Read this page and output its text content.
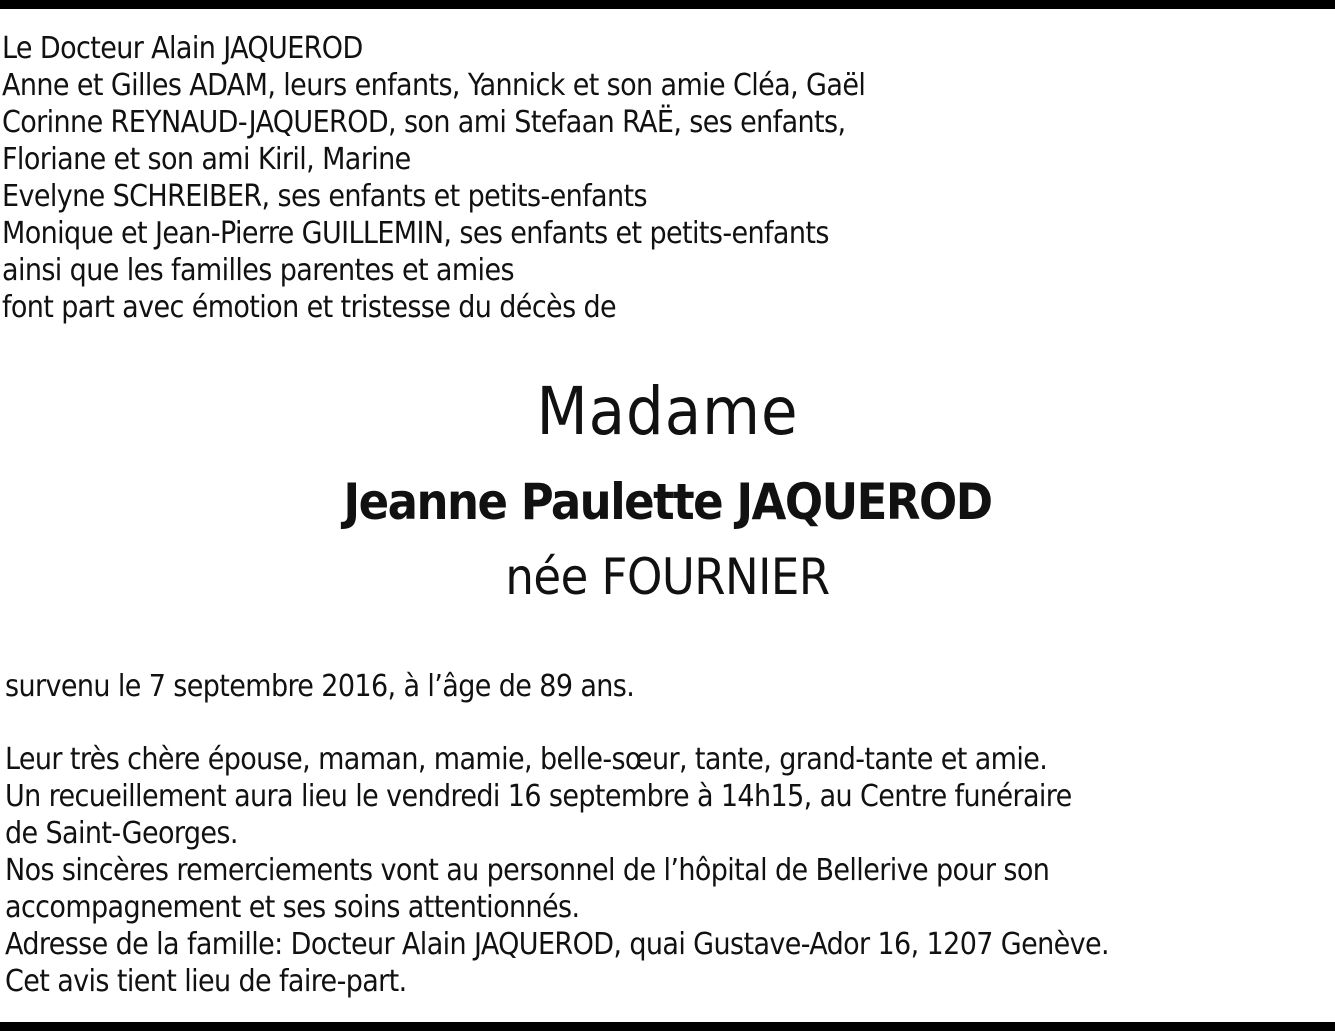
Le Docteur Alain JAQUEROD
Anne et Gilles ADAM, leurs enfants, Yannick et son amie Cléa, Gaël
Corinne REYNAUD-JAQUEROD, son ami Stefaan RAË, ses enfants,
Floriane et son ami Kiril, Marine
Evelyne SCHREIBER, ses enfants et petits-enfants
Monique et Jean-Pierre GUILLEMIN, ses enfants et petits-enfants
ainsi que les familles parentes et amies
font part avec émotion et tristesse du décès de
Madame
Jeanne Paulette JAQUEROD
née FOURNIER
survenu le 7 septembre 2016, à l’âge de 89 ans.
Leur très chère épouse, maman, mamie, belle-sœur, tante, grand-tante et amie.
Un recueillement aura lieu le vendredi 16 septembre à 14h15, au Centre funéraire
de Saint-Georges.
Nos sincères remerciements vont au personnel de l’hôpital de Bellerive pour son
accompagnement et ses soins attentionnés.
Adresse de la famille: Docteur Alain JAQUEROD, quai Gustave-Ador 16, 1207 Genève.
Cet avis tient lieu de faire-part.
